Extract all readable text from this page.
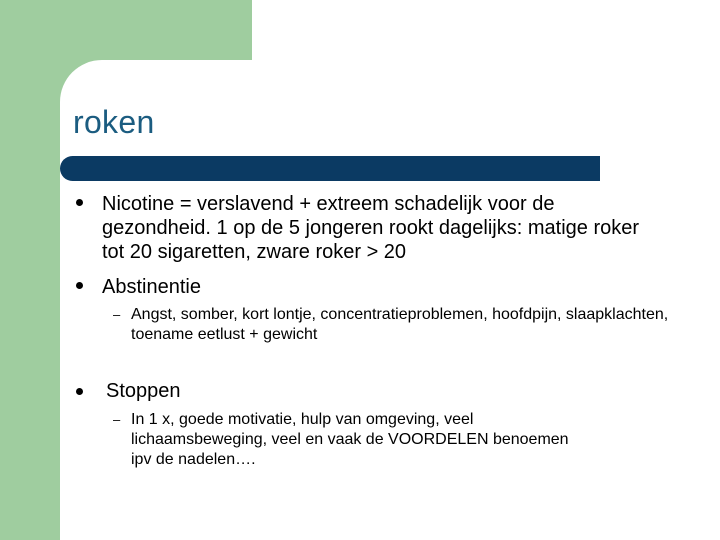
roken
Nicotine = verslavend + extreem schadelijk voor de gezondheid. 1 op de 5 jongeren rookt dagelijks: matige roker tot 20 sigaretten, zware roker > 20
Abstinentie
– Angst, somber, kort lontje, concentratieproblemen, hoofdpijn, slaapklachten, toename eetlust + gewicht
Stoppen
– In 1 x, goede motivatie, hulp van omgeving, veel lichaamsbeweging, veel en vaak de VOORDELEN benoemen ipv de nadelen….
